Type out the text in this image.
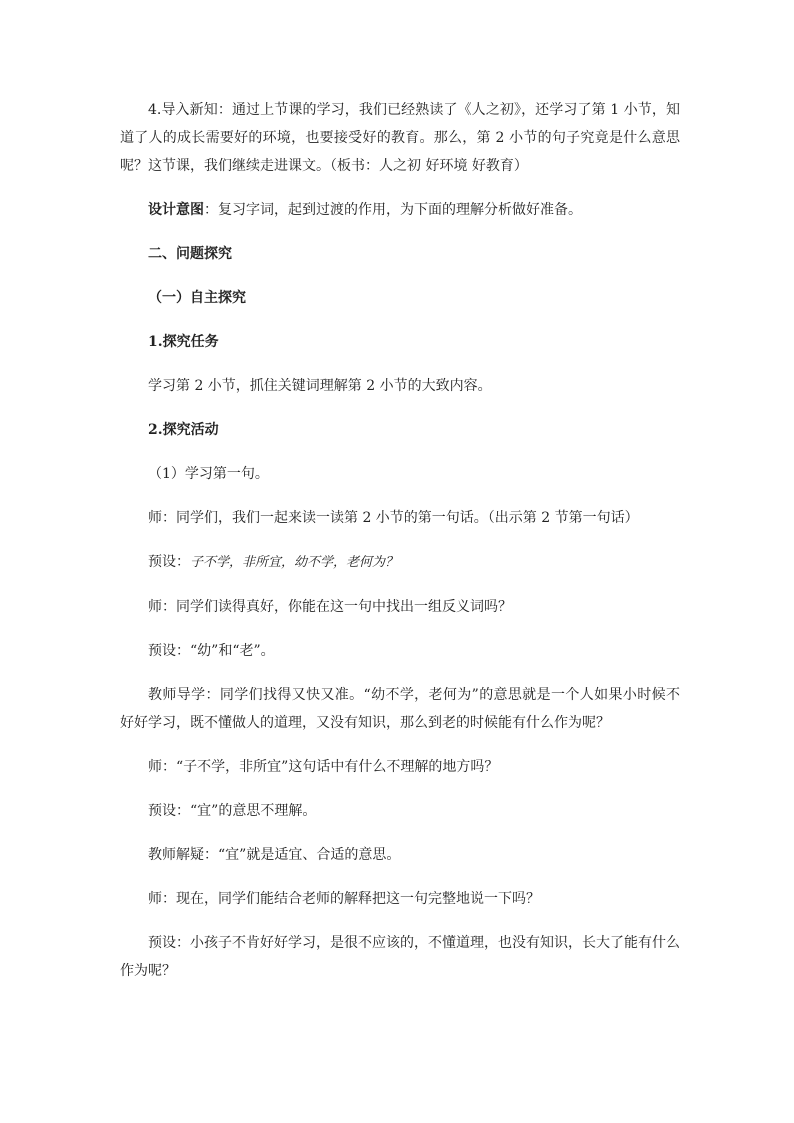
4.导入新知：通过上节课的学习，我们已经熟读了《人之初》，还学习了第 1 小节，知道了人的成长需要好的环境，也要接受好的教育。那么，第 2 小节的句子究竟是什么意思呢？这节课，我们继续走进课文。（板书：人之初 好环境 好教育）

设计意图：复习字词，起到过渡的作用，为下面的理解分析做好准备。

二、问题探究

（一）自主探究

1.探究任务

学习第 2 小节，抓住关键词理解第 2 小节的大致内容。

2.探究活动

（1）学习第一句。

师：同学们，我们一起来读一读第 2 小节的第一句话。（出示第 2 节第一句话）

预设：子不学，非所宜，幼不学，老何为？

师：同学们读得真好，你能在这一句中找出一组反义词吗？

预设：“幼”和“老”。

教师导学：同学们找得又快又准。“幼不学，老何为”的意思就是一个人如果小时候不好好学习，既不懂做人的道理，又没有知识，那么到老的时候能有什么作为呢？

师：“子不学，非所宜”这句话中有什么不理解的地方吗？

预设：“宜”的意思不理解。

教师解疑：“宜”就是适宜、合适的意思。

师：现在，同学们能结合老师的解释把这一句完整地说一下吗？

预设：小孩子不肯好好学习，是很不应该的，不懂道理，也没有知识，长大了能有什么作为呢？
